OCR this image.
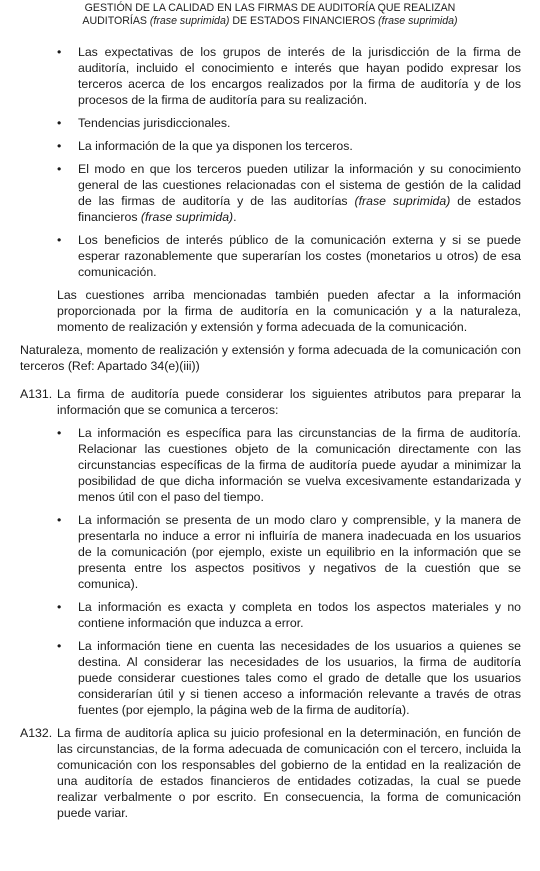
GESTIÓN DE LA CALIDAD EN LAS FIRMAS DE AUDITORÍA QUE REALIZAN
AUDITORÍAS (frase suprimida) DE ESTADOS FINANCIEROS (frase suprimida)
• Las expectativas de los grupos de interés de la jurisdicción de la firma de auditoría, incluido el conocimiento e interés que hayan podido expresar los terceros acerca de los encargos realizados por la firma de auditoría y de los procesos de la firma de auditoría para su realización.
• Tendencias jurisdiccionales.
• La información de la que ya disponen los terceros.
• El modo en que los terceros pueden utilizar la información y su conocimiento general de las cuestiones relacionadas con el sistema de gestión de la calidad de las firmas de auditoría y de las auditorías (frase suprimida) de estados financieros (frase suprimida).
• Los beneficios de interés público de la comunicación externa y si se puede esperar razonablemente que superarían los costes (monetarios u otros) de esa comunicación.

Las cuestiones arriba mencionadas también pueden afectar a la información proporcionada por la firma de auditoría en la comunicación y a la naturaleza, momento de realización y extensión y forma adecuada de la comunicación.

Naturaleza, momento de realización y extensión y forma adecuada de la comunicación con terceros (Ref: Apartado 34(e)(iii))

A131. La firma de auditoría puede considerar los siguientes atributos para preparar la información que se comunica a terceros:

• La información es específica para las circunstancias de la firma de auditoría. Relacionar las cuestiones objeto de la comunicación directamente con las circunstancias específicas de la firma de auditoría puede ayudar a minimizar la posibilidad de que dicha información se vuelva excesivamente estandarizada y menos útil con el paso del tiempo.
• La información se presenta de un modo claro y comprensible, y la manera de presentarla no induce a error ni influiría de manera inadecuada en los usuarios de la comunicación (por ejemplo, existe un equilibrio en la información que se presenta entre los aspectos positivos y negativos de la cuestión que se comunica).
• La información es exacta y completa en todos los aspectos materiales y no contiene información que induzca a error.
• La información tiene en cuenta las necesidades de los usuarios a quienes se destina. Al considerar las necesidades de los usuarios, la firma de auditoría puede considerar cuestiones tales como el grado de detalle que los usuarios considerarían útil y si tienen acceso a información relevante a través de otras fuentes (por ejemplo, la página web de la firma de auditoría).
A132. La firma de auditoría aplica su juicio profesional en la determinación, en función de las circunstancias, de la forma adecuada de comunicación con el tercero, incluida la comunicación con los responsables del gobierno de la entidad en la realización de una auditoría de estados financieros de entidades cotizadas, la cual se puede realizar verbalmente o por escrito. En consecuencia, la forma de comunicación puede variar.
